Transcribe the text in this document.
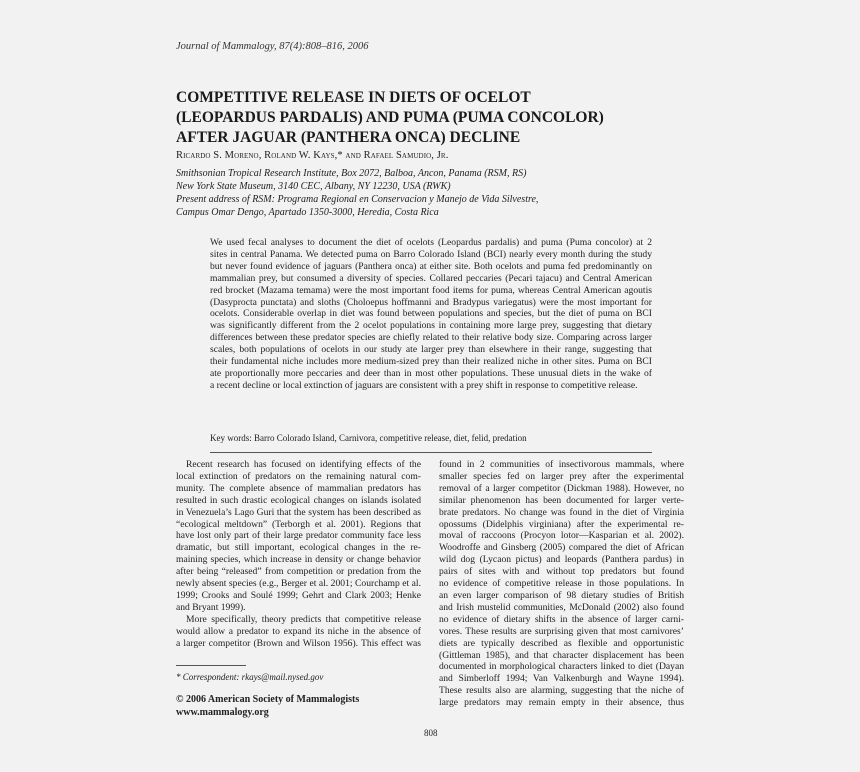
Journal of Mammalogy, 87(4):808–816, 2006
COMPETITIVE RELEASE IN DIETS OF OCELOT
(LEOPARDUS PARDALIS) AND PUMA (PUMA CONCOLOR)
AFTER JAGUAR (PANTHERA ONCA) DECLINE
Ricardo S. Moreno, Roland W. Kays,* and Rafael Samudio, Jr.
Smithsonian Tropical Research Institute, Box 2072, Balboa, Ancon, Panama (RSM, RS)
New York State Museum, 3140 CEC, Albany, NY 12230, USA (RWK)
Present address of RSM: Programa Regional en Conservacion y Manejo de Vida Silvestre,
Campus Omar Dengo, Apartado 1350-3000, Heredia, Costa Rica
We used fecal analyses to document the diet of ocelots (Leopardus pardalis) and puma (Puma concolor) at 2
sites in central Panama. We detected puma on Barro Colorado Island (BCI) nearly every month during the study
but never found evidence of jaguars (Panthera onca) at either site. Both ocelots and puma fed predominantly on
mammalian prey, but consumed a diversity of species. Collared peccaries (Pecari tajacu) and Central American
red brocket (Mazama temama) were the most important food items for puma, whereas Central American agoutis
(Dasyprocta punctata) and sloths (Choloepus hoffmanni and Bradypus variegatus) were the most important for
ocelots. Considerable overlap in diet was found between populations and species, but the diet of puma on BCI
was significantly different from the 2 ocelot populations in containing more large prey, suggesting that dietary
differences between these predator species are chiefly related to their relative body size. Comparing across larger
scales, both populations of ocelots in our study ate larger prey than elsewhere in their range, suggesting that
their fundamental niche includes more medium-sized prey than their realized niche in other sites. Puma on BCI
ate proportionally more peccaries and deer than in most other populations. These unusual diets in the wake of
a recent decline or local extinction of jaguars are consistent with a prey shift in response to competitive release.
Key words: Barro Colorado Island, Carnivora, competitive release, diet, felid, predation
Recent research has focused on identifying effects of the
local extinction of predators on the remaining natural com-
munity. The complete absence of mammalian predators has
resulted in such drastic ecological changes on islands isolated
in Venezuela’s Lago Guri that the system has been described as
“ecological meltdown” (Terborgh et al. 2001). Regions that
have lost only part of their large predator community face less
dramatic, but still important, ecological changes in the re-
maining species, which increase in density or change behavior
after being “released” from competition or predation from the
newly absent species (e.g., Berger et al. 2001; Courchamp et al.
1999; Crooks and Soulé 1999; Gehrt and Clark 2003; Henke
and Bryant 1999).
More specifically, theory predicts that competitive release
would allow a predator to expand its niche in the absence of
a larger competitor (Brown and Wilson 1956). This effect was
found in 2 communities of insectivorous mammals, where
smaller species fed on larger prey after the experimental
removal of a larger competitor (Dickman 1988). However, no
similar phenomenon has been documented for larger verte-
brate predators. No change was found in the diet of Virginia
opossums (Didelphis virginiana) after the experimental re-
moval of raccoons (Procyon lotor—Kasparian et al. 2002).
Woodroffe and Ginsberg (2005) compared the diet of African
wild dog (Lycaon pictus) and leopards (Panthera pardus) in
pairs of sites with and without top predators but found
no evidence of competitive release in those populations. In
an even larger comparison of 98 dietary studies of British
and Irish mustelid communities, McDonald (2002) also found
no evidence of dietary shifts in the absence of larger carni-
vores. These results are surprising given that most carnivores’
diets are typically described as flexible and opportunistic
(Gittleman 1985), and that character displacement has been
documented in morphological characters linked to diet (Dayan
and Simberloff 1994; Van Valkenburgh and Wayne 1994).
These results also are alarming, suggesting that the niche of
large predators may remain empty in their absence, thus
* Correspondent: rkays@mail.nysed.gov
© 2006 American Society of Mammalogists
www.mammalogy.org
808
